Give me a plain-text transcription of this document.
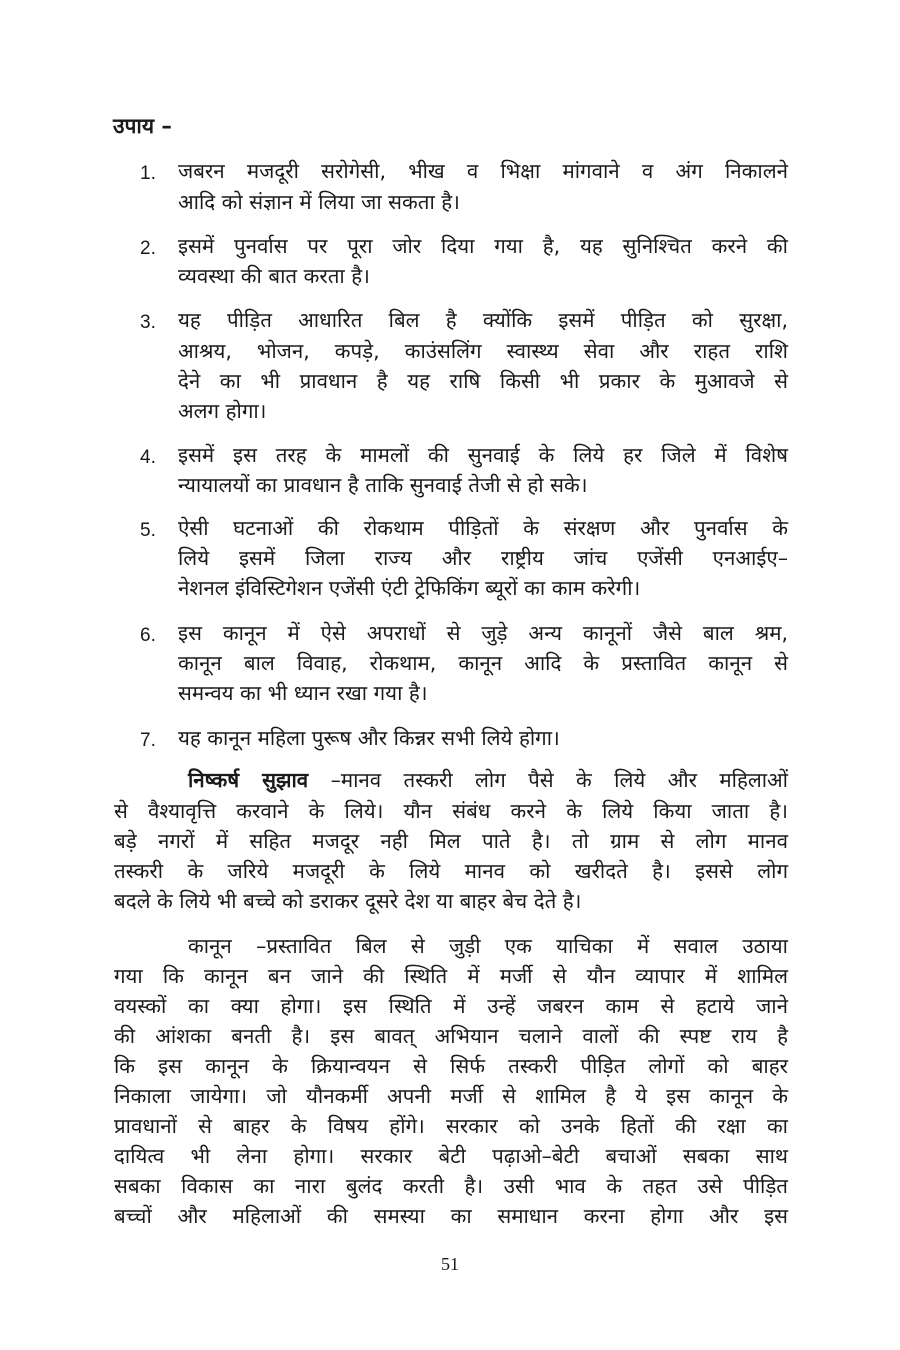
उपाय –
1.	जबरन मजदूरी सरोगेसी, भीख व भिक्षा मांगवाने व अंग निकालने
आदि को संज्ञान में लिया जा सकता है।
2.	इसमें पुनर्वास पर पूरा जोर दिया गया है, यह सुनिश्चित करने की
व्यवस्था की बात करता है।
3.	यह पीड़ित आधारित बिल है क्योंकि इसमें पीड़ित को सुरक्षा,
आश्रय, भोजन, कपड़े, काउंसलिंग स्वास्थ्य सेवा और राहत राशि
देने का भी प्रावधान है यह राषि किसी भी प्रकार के मुआवजे से
अलग होगा।
4.	इसमें इस तरह के मामलों की सुनवाई के लिये हर जिले में विशेष
न्यायालयों का प्रावधान है ताकि सुनवाई तेजी से हो सके।
5.	ऐसी घटनाओं की रोकथाम पीड़ितों के संरक्षण और पुनर्वास के
लिये इसमें जिला राज्य और राष्ट्रीय जांच एजेंसी एनआईए–
नेशनल इंविस्टिगेशन एजेंसी एंटी ट्रेफिकिंग ब्यूरों का काम करेगी।
6.	इस कानून में ऐसे अपराधों से जुड़े अन्य कानूनों जैसे बाल श्रम,
कानून बाल विवाह, रोकथाम, कानून आदि के प्रस्तावित कानून से
समन्वय का भी ध्यान रखा गया है।
7.	यह कानून महिला पुरूष और किन्नर सभी लिये होगा।
निष्कर्ष सुझाव –मानव तस्करी लोग पैसे के लिये और महिलाओं
से वैश्यावृत्ति करवाने के लिये। यौन संबंध करने के लिये किया जाता है।
बड़े नगरों में सहित मजदूर नही मिल पाते है। तो ग्राम से लोग मानव
तस्करी के जरिये मजदूरी के लिये मानव को खरीदते है। इससे लोग
बदले के लिये भी बच्चे को डराकर दूसरे देश या बाहर बेच देते है।
कानून –प्रस्तावित बिल से जुड़ी एक याचिका में सवाल उठाया
गया कि कानून बन जाने की स्थिति में मर्जी से यौन व्यापार में शामिल
वयस्कों का क्या होगा। इस स्थिति में उन्हें जबरन काम से हटाये जाने
की आंशका बनती है। इस बावत् अभियान चलाने वालों की स्पष्ट राय है
कि इस कानून के क्रियान्वयन से सिर्फ तस्करी पीड़ित लोगों को बाहर
निकाला जायेगा। जो यौनकर्मी अपनी मर्जी से शामिल है ये इस कानून के
प्रावधानों से बाहर के विषय होंगे। सरकार को उनके हितों की रक्षा का
दायित्व भी लेना होगा। सरकार बेटी पढ़ाओ–बेटी बचाओं सबका साथ
सबका विकास का नारा बुलंद करती है। उसी भाव के तहत उसे पीड़ित
बच्चों और महिलाओं की समस्या का समाधान करना होगा और इस
51
